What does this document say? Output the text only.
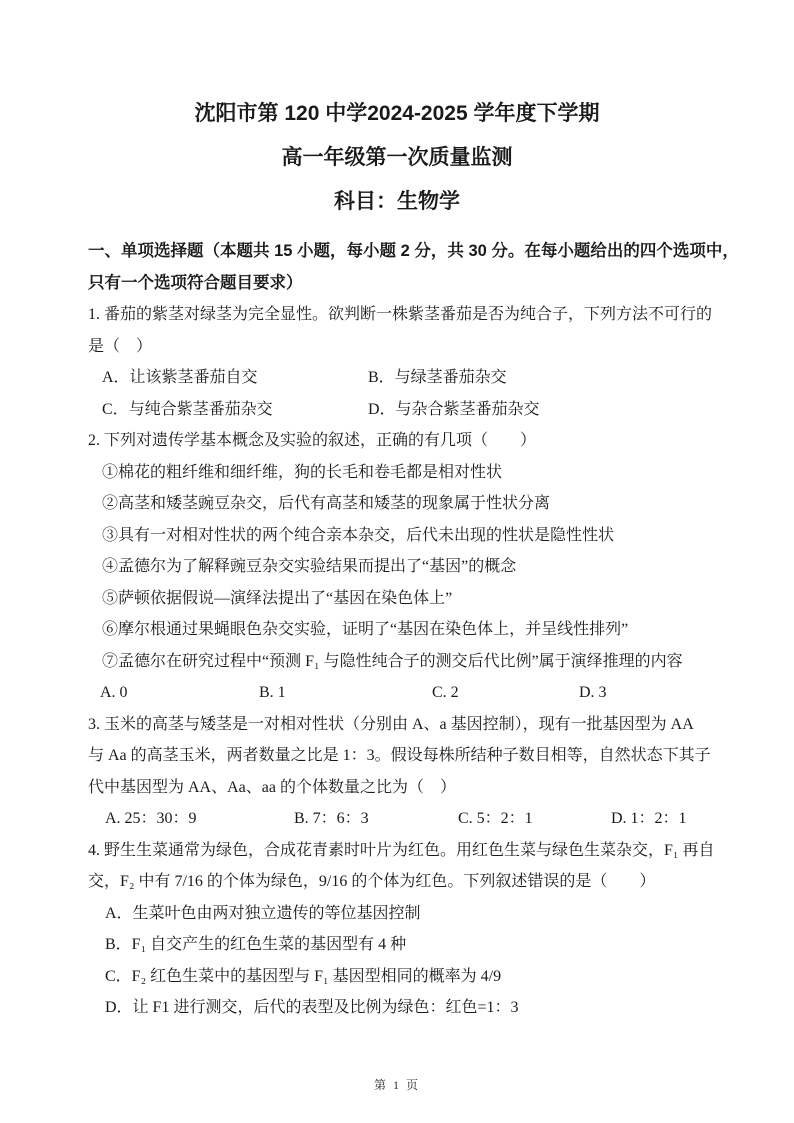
沈阳市第 120 中学2024-2025 学年度下学期
高一年级第一次质量监测
科目：生物学
一、单项选择题（本题共 15 小题，每小题 2 分，共 30 分。在每小题给出的四个选项中，
只有一个选项符合题目要求）
1. 番茄的紫茎对绿茎为完全显性。欲判断一株紫茎番茄是否为纯合子，下列方法不可行的
是（　）

A．让该紫茎番茄自交

	B．与绿茎番茄杂交

C．与纯合紫茎番茄杂交

	D．与杂合紫茎番茄杂交

2. 下列对遗传学基本概念及实验的叙述，正确的有几项（　　）
①棉花的粗纤维和细纤维，狗的长毛和卷毛都是相对性状
②高茎和矮茎豌豆杂交，后代有高茎和矮茎的现象属于性状分离
③具有一对相对性状的两个纯合亲本杂交，后代未出现的性状是隐性性状
④孟德尔为了解释豌豆杂交实验结果而提出了“基因”的概念
⑤萨顿依据假说—演绎法提出了“基因在染色体上”
⑥摩尔根通过果蝇眼色杂交实验，证明了“基因在染色体上，并呈线性排列”
⑦孟德尔在研究过程中“预测 F₁ 与隐性纯合子的测交后代比例”属于演绎推理的内容

A. 0

	B. 1

	C. 2

	D. 3

3. 玉米的高茎与矮茎是一对相对性状（分别由 A、a 基因控制），现有一批基因型为 AA
与 Aa 的高茎玉米，两者数量之比是 1：3。假设每株所结种子数目相等，自然状态下其子
代中基因型为 AA、Aa、aa 的个体数量之比为（　）

A. 25：30：9

	B. 7：6：3

	C. 5：2：1

	D. 1：2：1

4. 野生生菜通常为绿色，合成花青素时叶片为红色。用红色生菜与绿色生菜杂交，F₁ 再自
交，F₂ 中有 7/16 的个体为绿色，9/16 的个体为红色。下列叙述错误的是（　　）
A．生菜叶色由两对独立遗传的等位基因控制
B．F₁ 自交产生的红色生菜的基因型有 4 种
C．F₂ 红色生菜中的基因型与 F₁ 基因型相同的概率为 4/9
D．让 F1 进行测交，后代的表型及比例为绿色：红色=1：3
第 1 页
